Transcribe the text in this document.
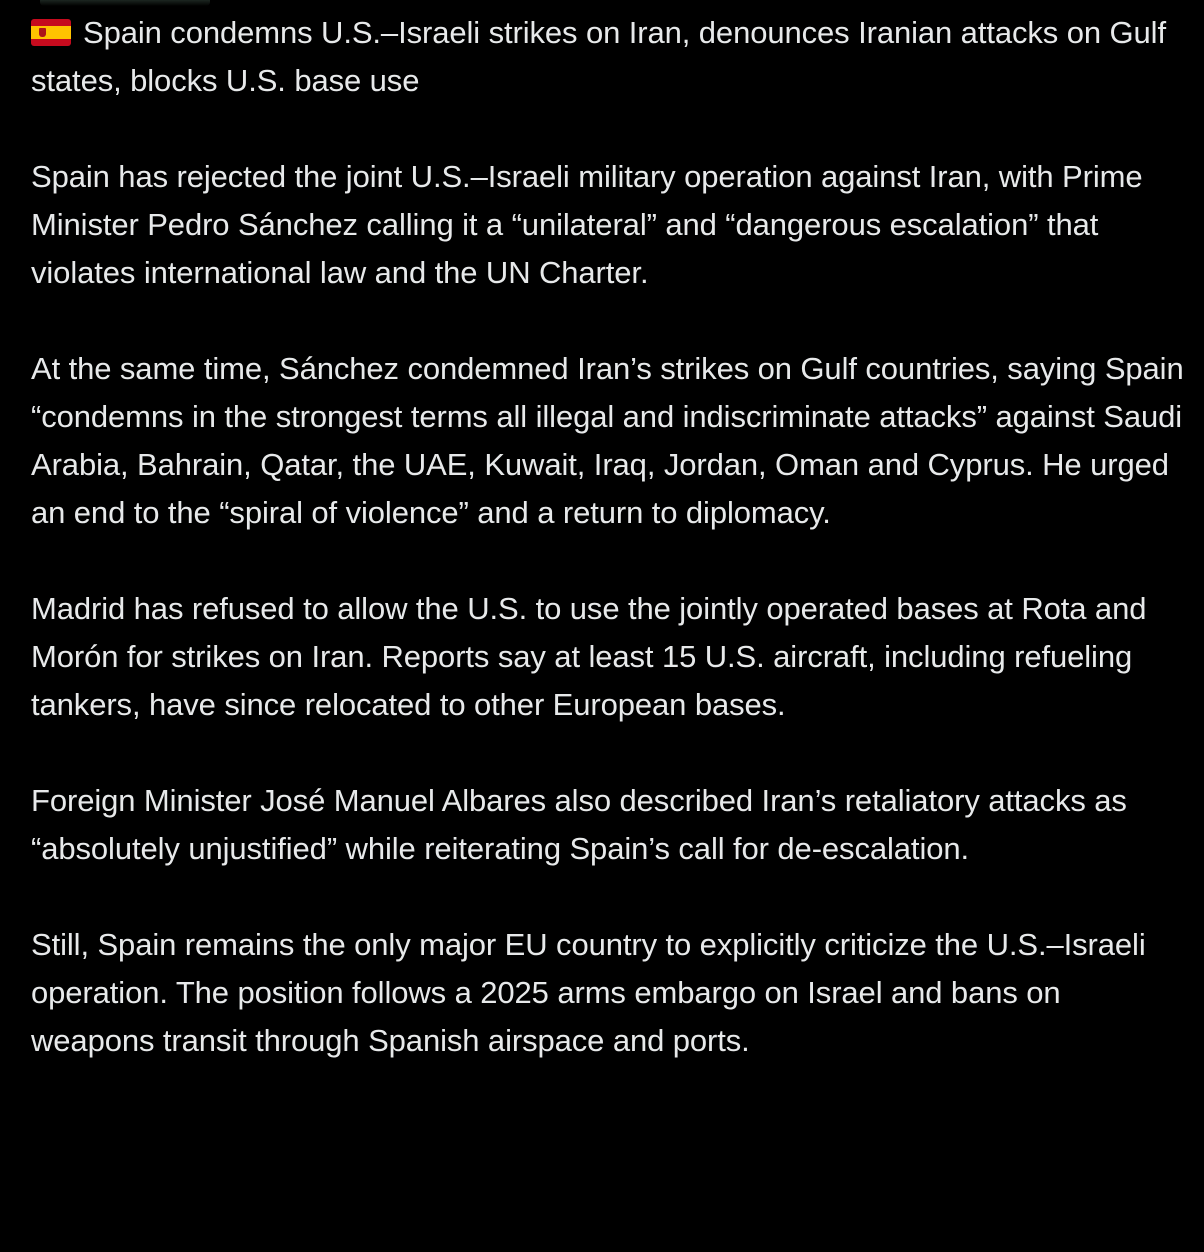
Spain condemns U.S.–Israeli strikes on Iran, denounces Iranian attacks on Gulf states, blocks U.S. base use

Spain has rejected the joint U.S.–Israeli military operation against Iran, with Prime Minister Pedro Sánchez calling it a “unilateral” and “dangerous escalation” that violates international law and the UN Charter.

At the same time, Sánchez condemned Iran’s strikes on Gulf countries, saying Spain “condemns in the strongest terms all illegal and indiscriminate attacks” against Saudi Arabia, Bahrain, Qatar, the UAE, Kuwait, Iraq, Jordan, Oman and Cyprus. He urged an end to the “spiral of violence” and a return to diplomacy.

Madrid has refused to allow the U.S. to use the jointly operated bases at Rota and Morón for strikes on Iran. Reports say at least 15 U.S. aircraft, including refueling tankers, have since relocated to other European bases.

Foreign Minister José Manuel Albares also described Iran’s retaliatory attacks as “absolutely unjustified” while reiterating Spain’s call for de-escalation.

Still, Spain remains the only major EU country to explicitly criticize the U.S.–Israeli operation. The position follows a 2025 arms embargo on Israel and bans on weapons transit through Spanish airspace and ports.
